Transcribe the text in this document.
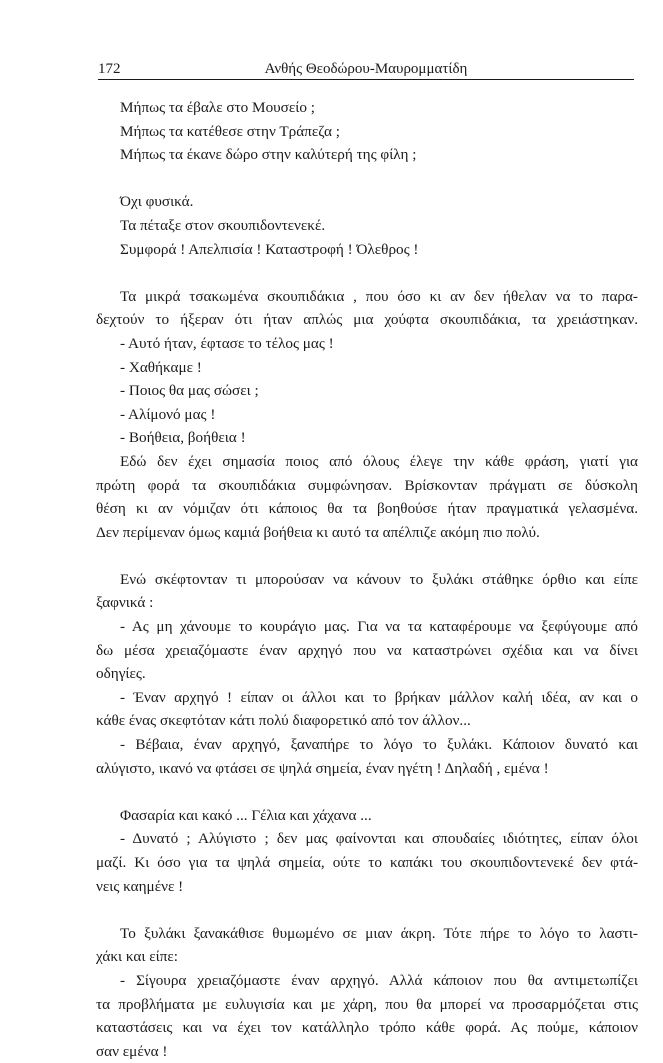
172	Ανθής Θεοδώρου-Μαυρομματίδη
Μήπως τα έβαλε στο Μουσείο ;
Μήπως τα κατέθεσε στην Τράπεζα ;
Μήπως τα έκανε δώρο στην καλύτερή της φίλη ;
Όχι φυσικά.
Τα πέταξε στον σκουπιδοντενεκέ.
Συμφορά ! Απελπισία ! Καταστροφή ! Όλεθρος !
Τα μικρά τσακωμένα σκουπιδάκια , που όσο κι αν δεν ήθελαν να το παρα-
δεχτούν το ήξεραν ότι ήταν απλώς μια χούφτα σκουπιδάκια, τα χρειάστηκαν.
- Αυτό ήταν, έφτασε το τέλος μας !
- Χαθήκαμε !
- Ποιος θα μας σώσει ;
- Αλίμονό μας !
- Βοήθεια, βοήθεια !
Εδώ δεν έχει σημασία ποιος από όλους έλεγε την κάθε φράση, γιατί για
πρώτη φορά τα σκουπιδάκια συμφώνησαν. Βρίσκονταν πράγματι σε δύσκολη
θέση κι αν νόμιζαν ότι κάποιος θα τα βοηθούσε ήταν πραγματικά γελασμένα.
Δεν περίμεναν όμως καμιά βοήθεια κι αυτό τα απέλπιζε ακόμη πιο πολύ.
Ενώ σκέφτονταν τι μπορούσαν να κάνουν το ξυλάκι στάθηκε όρθιο και είπε
ξαφνικά :
- Ας μη χάνουμε το κουράγιο μας. Για να τα καταφέρουμε να ξεφύγουμε από
δω μέσα χρειαζόμαστε έναν αρχηγό που να καταστρώνει σχέδια και να δίνει
οδηγίες.
- Έναν αρχηγό ! είπαν οι άλλοι και το βρήκαν μάλλον καλή ιδέα, αν και ο
κάθε ένας σκεφτόταν κάτι πολύ διαφορετικό από τον άλλον...
- Βέβαια, έναν αρχηγό, ξαναπήρε το λόγο το ξυλάκι. Κάποιον δυνατό και
αλύγιστο, ικανό να φτάσει σε ψηλά σημεία, έναν ηγέτη ! Δηλαδή , εμένα !
Φασαρία και κακό ... Γέλια και χάχανα ...
- Δυνατό ; Αλύγιστο ; δεν μας φαίνονται και σπουδαίες ιδιότητες, είπαν όλοι
μαζί. Κι όσο για τα ψηλά σημεία, ούτε το καπάκι του σκουπιδοντενεκέ δεν φτά-
νεις καημένε !
Το ξυλάκι ξανακάθισε θυμωμένο σε μιαν άκρη. Τότε πήρε το λόγο το λαστι-
χάκι και είπε:
- Σίγουρα χρειαζόμαστε έναν αρχηγό. Αλλά κάποιον που θα αντιμετωπίζει
τα προβλήματα με ευλυγισία και με χάρη, που θα μπορεί να προσαρμόζεται στις
καταστάσεις και να έχει τον κατάλληλο τρόπο κάθε φορά. Ας πούμε, κάποιον
σαν εμένα !
